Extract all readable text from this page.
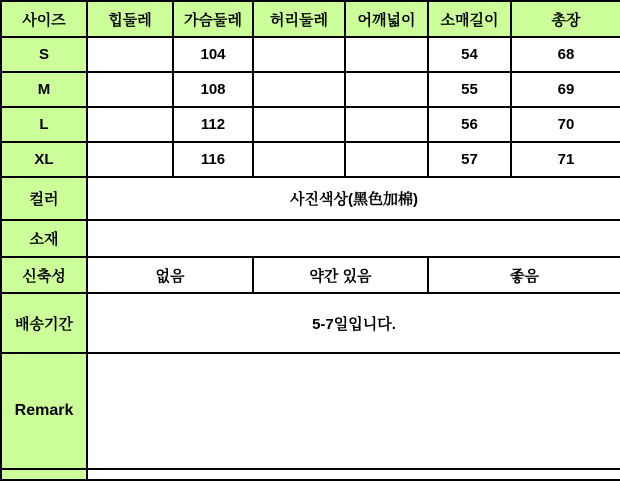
사이즈	힙둘레	가슴둘레	허리둘레	어깨넓이	소매길이	총장
S		104			54	68
M		108			55	69
L		112			56	70
XL		116			57	71
컬러	사진색상(黑色加棉)					
소재						
신축성	없음		약간 있음		좋음	
배송기간	5-7일입니다.					
Remark						
